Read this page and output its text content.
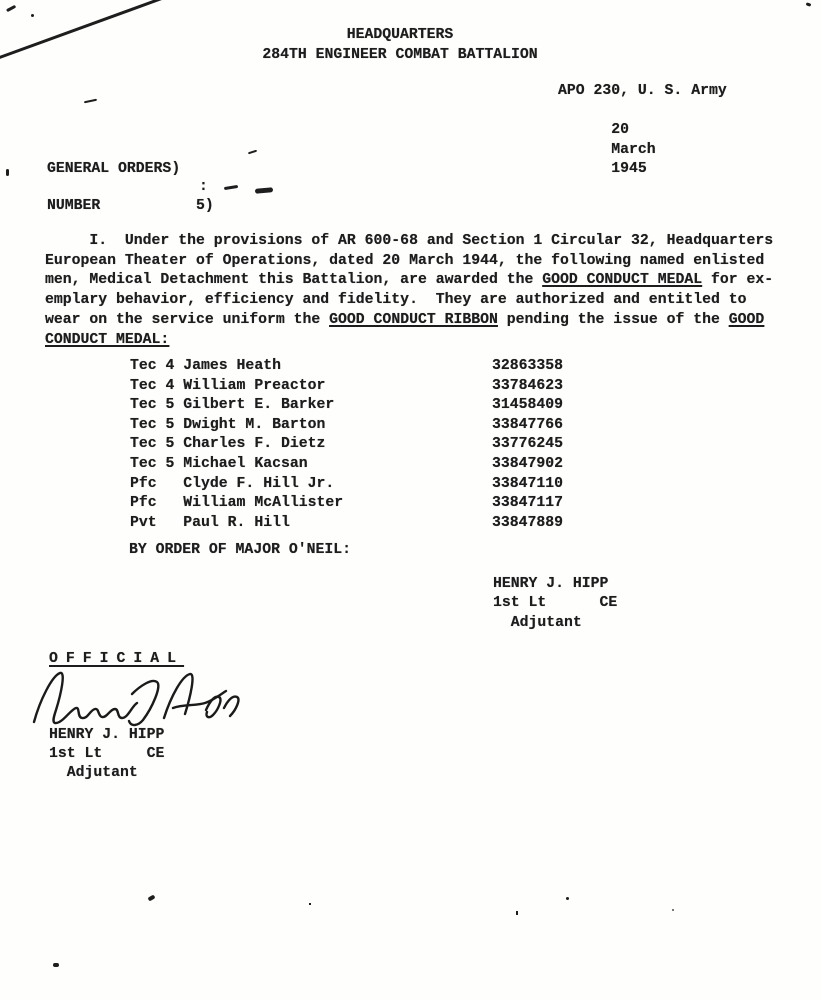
HEADQUARTERS
284TH ENGINEER COMBAT BATTALION
APO 230, U. S. Army

20
March
1945

GENERAL ORDERS)
:
NUMBER	5)
I.  Under the provisions of AR 600-68 and Section 1 Circular 32, Headquarters
European Theater of Operations, dated 20 March 1944, the following named enlisted
men, Medical Detachment this Battalion, are awarded the GOOD CONDUCT MEDAL for ex-
emplary behavior, efficiency and fidelity.  They are authorized and entitled to
wear on the service uniform the GOOD CONDUCT RIBBON pending the issue of the GOOD
CONDUCT MEDAL:
Tec 4 James Heath	32863358
Tec 4 William Preactor	33784623
Tec 5 Gilbert E. Barker	31458409
Tec 5 Dwight M. Barton	33847766
Tec 5 Charles F. Dietz	33776245
Tec 5 Michael Kacsan	33847902
Pfc   Clyde F. Hill Jr.	33847110
Pfc   William McAllister	33847117
Pvt   Paul R. Hill	33847889
BY ORDER OF MAJOR O'NEIL:
HENRY J. HIPP
1st Lt      CE
Adjutant
OFFICIAL
HENRY J. HIPP
1st Lt     CE
Adjutant
